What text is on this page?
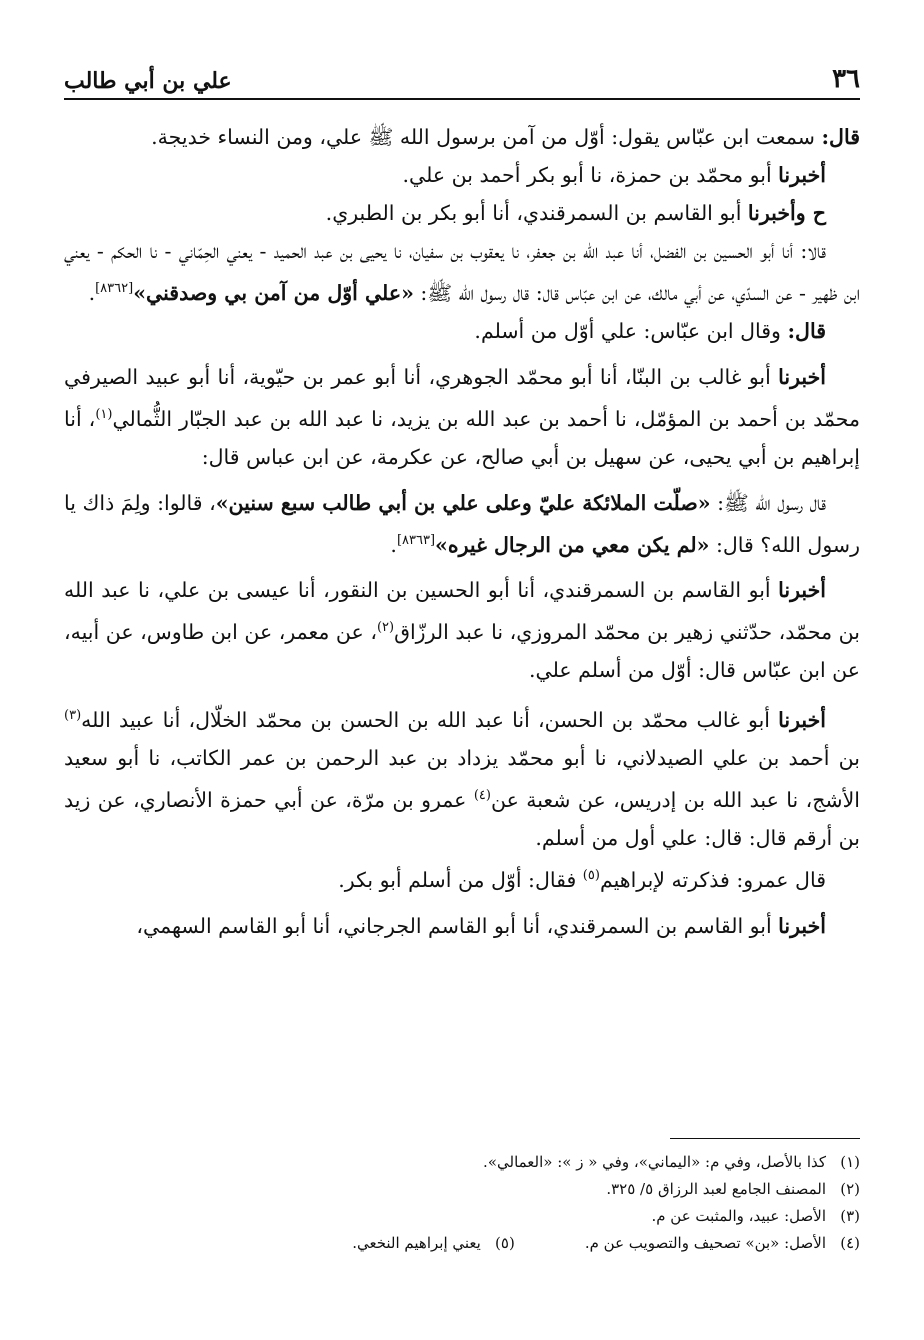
٣٦
علي بن أبي طالب

قال: سمعت ابن عبّاس يقول: أوّل من آمن برسول الله ﷺ علي، ومن النساء خديجة.

أخبرنا أبو محمّد بن حمزة، نا أبو بكر أحمد بن علي.

ح وأخبرنا أبو القاسم بن السمرقندي، أنا أبو بكر بن الطبري.

قالا: أنا أبو الحسين بن الفضل، أنا عبد الله بن جعفر، نا يعقوب بن سفيان، نا يحيى بن عبد الحميد - يعني الحِمّاني - نا الحكم - يعني ابن ظهير - عن السدّي، عن أبي مالك، عن ابن عبّاس قال: قال رسول الله ﷺ: «علي أوّل من آمن بي وصدقني»[٨٣٦٢].

قال: وقال ابن عبّاس: علي أوّل من أسلم.

أخبرنا أبو غالب بن البنّا، أنا أبو محمّد الجوهري، أنا أبو عمر بن حيّوية، أنا أبو عبيد الصيرفي محمّد بن أحمد بن المؤمّل، نا أحمد بن عبد الله بن يزيد، نا عبد الله بن عبد الجبّار الثُّمالي$^{(١)}$، أنا إبراهيم بن أبي يحيى، عن سهيل بن أبي صالح، عن عكرمة، عن ابن عباس قال:

قال رسول الله ﷺ: «صلّت الملائكة عليّ وعلى علي بن أبي طالب سبع سنين»، قالوا: ولِمَ ذاك يا رسول الله؟ قال: «لم يكن معي من الرجال غيره»[٨٣٦٣].

أخبرنا أبو القاسم بن السمرقندي، أنا أبو الحسين بن النقور، أنا عيسى بن علي، نا عبد الله بن محمّد، حدّثني زهير بن محمّد المروزي، نا عبد الرزّاق$^{(٢)}$، عن معمر، عن ابن طاوس، عن أبيه، عن ابن عبّاس قال: أوّل من أسلم علي.

أخبرنا أبو غالب محمّد بن الحسن، أنا عبد الله بن الحسن بن محمّد الخلّال، أنا عبيد الله$^{(٣)}$ بن أحمد بن علي الصيدلاني، نا أبو محمّد يزداد بن عبد الرحمن بن عمر الكاتب، نا أبو سعيد الأشج، نا عبد الله بن إدريس، عن شعبة عن$^{(٤)}$ عمرو بن مرّة، عن أبي حمزة الأنصاري، عن زيد بن أرقم قال: قال: علي أول من أسلم.

قال عمرو: فذكرته لإبراهيم$^{(٥)}$ فقال: أوّل من أسلم أبو بكر.

أخبرنا أبو القاسم بن السمرقندي، أنا أبو القاسم الجرجاني، أنا أبو القاسم السهمي،

(١)كذا بالأصل، وفي م: «اليماني»، وفي « ز »: «العمالي».
(٢)المصنف الجامع لعبد الرزاق ٥/ ٣٢٥.
(٣)الأصل: عبيد، والمثبت عن م.
(٤)الأصل: «بن» تصحيف والتصويب عن م.
(٥)يعني إبراهيم النخعي.
